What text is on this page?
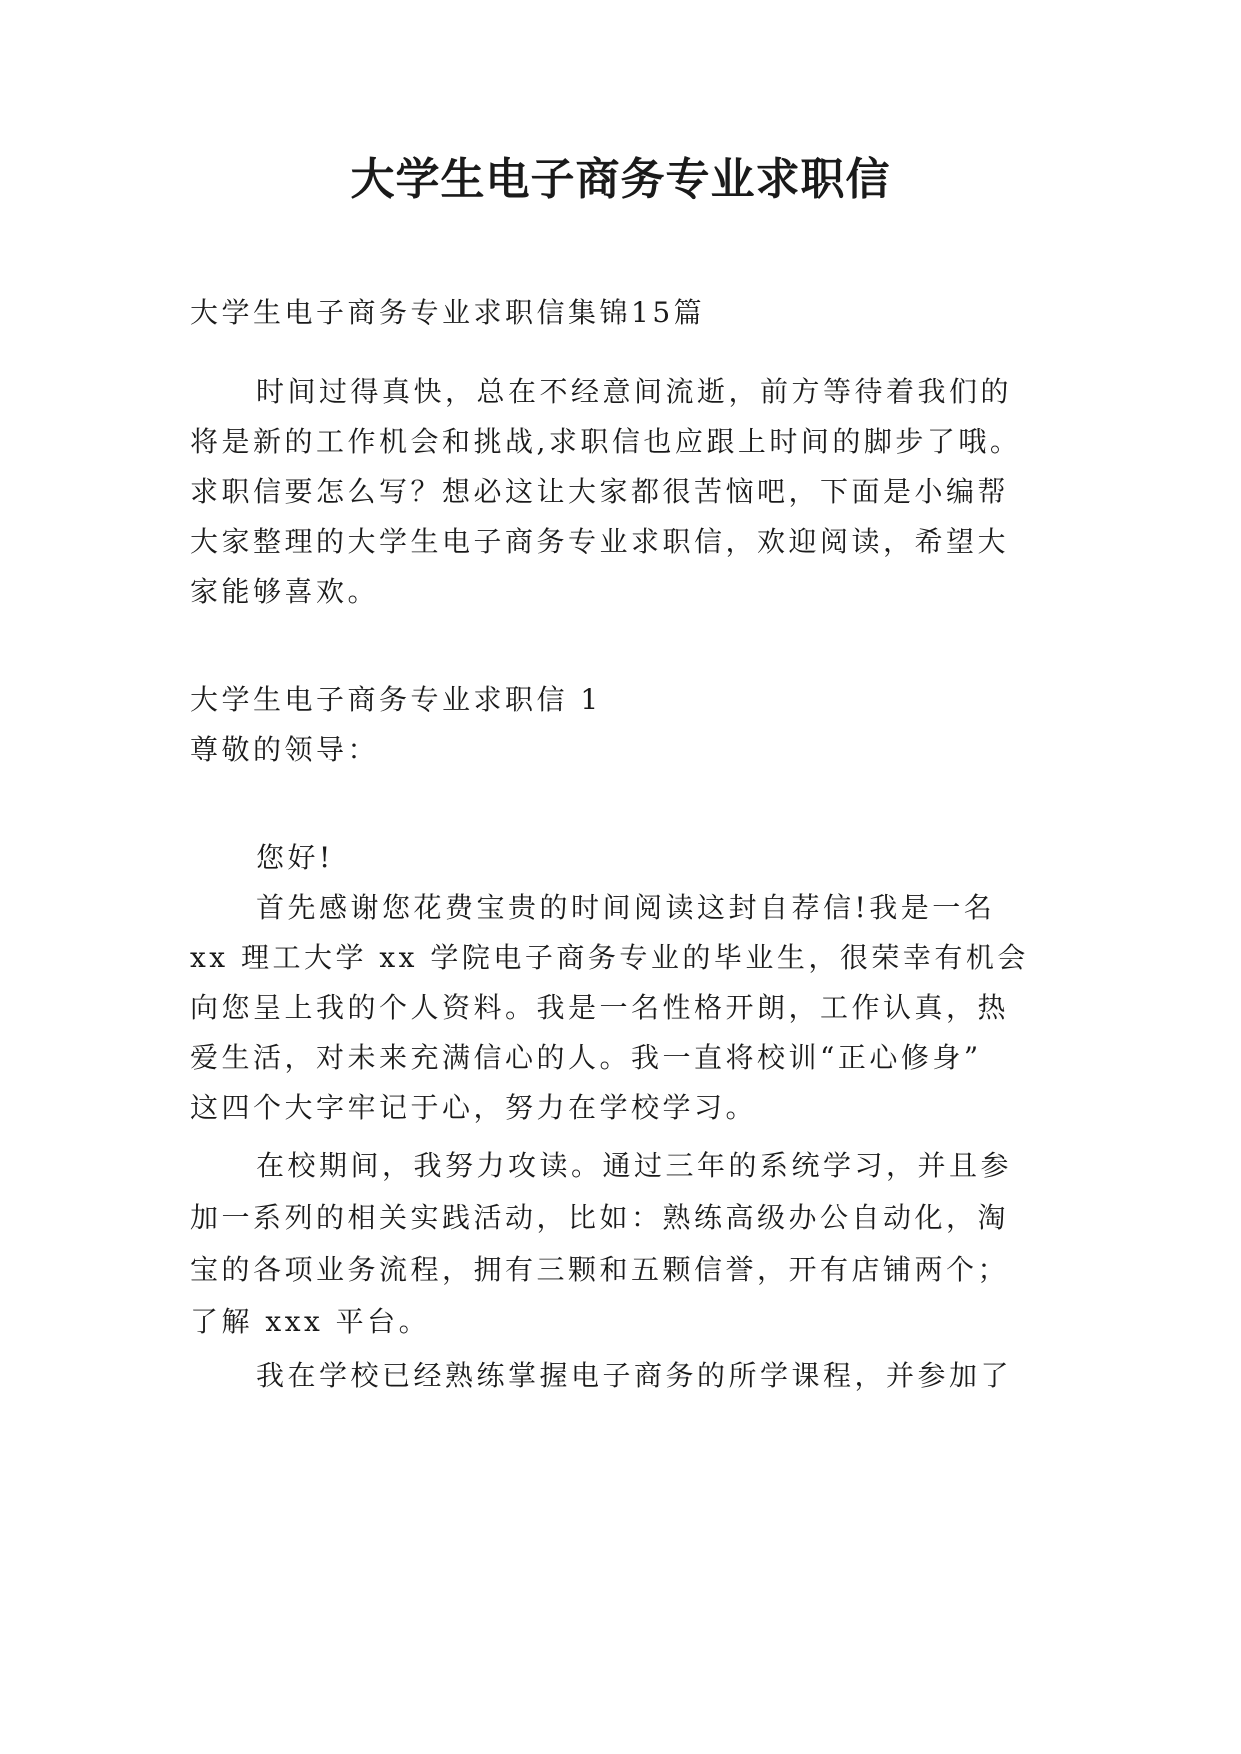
大学生电子商务专业求职信

大学生电子商务专业求职信集锦15篇

时间过得真快，总在不经意间流逝，前方等待着我们的

将是新的工作机会和挑战,求职信也应跟上时间的脚步了哦。

求职信要怎么写？想必这让大家都很苦恼吧，下面是小编帮

大家整理的大学生电子商务专业求职信，欢迎阅读，希望大

家能够喜欢。

大学生电子商务专业求职信 1

尊敬的领导：

您好!

首先感谢您花费宝贵的时间阅读这封自荐信!我是一名

xx 理工大学 xx 学院电子商务专业的毕业生，很荣幸有机会

向您呈上我的个人资料。我是一名性格开朗，工作认真，热

爱生活，对未来充满信心的人。我一直将校训“正心修身”

这四个大字牢记于心，努力在学校学习。

在校期间，我努力攻读。通过三年的系统学习，并且参

加一系列的相关实践活动，比如：熟练高级办公自动化，淘

宝的各项业务流程，拥有三颗和五颗信誉，开有店铺两个；

了解 xxx 平台。

我在学校已经熟练掌握电子商务的所学课程，并参加了
